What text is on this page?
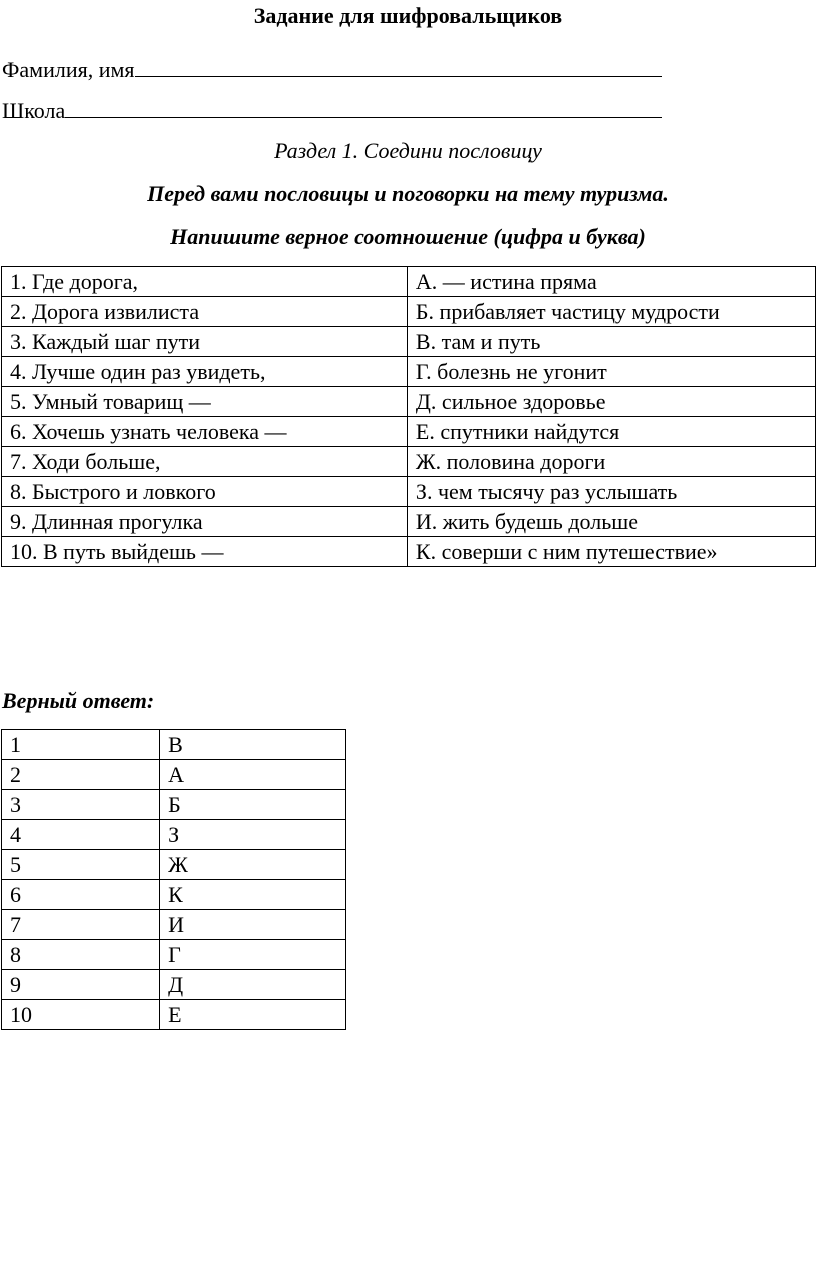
Задание для шифровальщиков
Фамилия, имя
Школа
Раздел 1. Соедини пословицу
Перед вами пословицы и поговорки на тему туризма.
Напишите верное соотношение (цифра и буква)
1. Где дорога,	А. — истина пряма
2. Дорога извилиста	Б. прибавляет частицу мудрости
3. Каждый шаг пути	В. там и путь
4. Лучше один раз увидеть,	Г. болезнь не угонит
5. Умный товарищ —	Д. сильное здоровье
6. Хочешь узнать человека —	Е. спутники найдутся
7. Ходи больше,	Ж. половина дороги
8. Быстрого и ловкого	З. чем тысячу раз услышать
9. Длинная прогулка	И. жить будешь дольше
10. В путь выйдешь —	К. соверши с ним путешествие»
Верный ответ:
1	В
2	А
3	Б
4	З
5	Ж
6	К
7	И
8	Г
9	Д
10	Е
